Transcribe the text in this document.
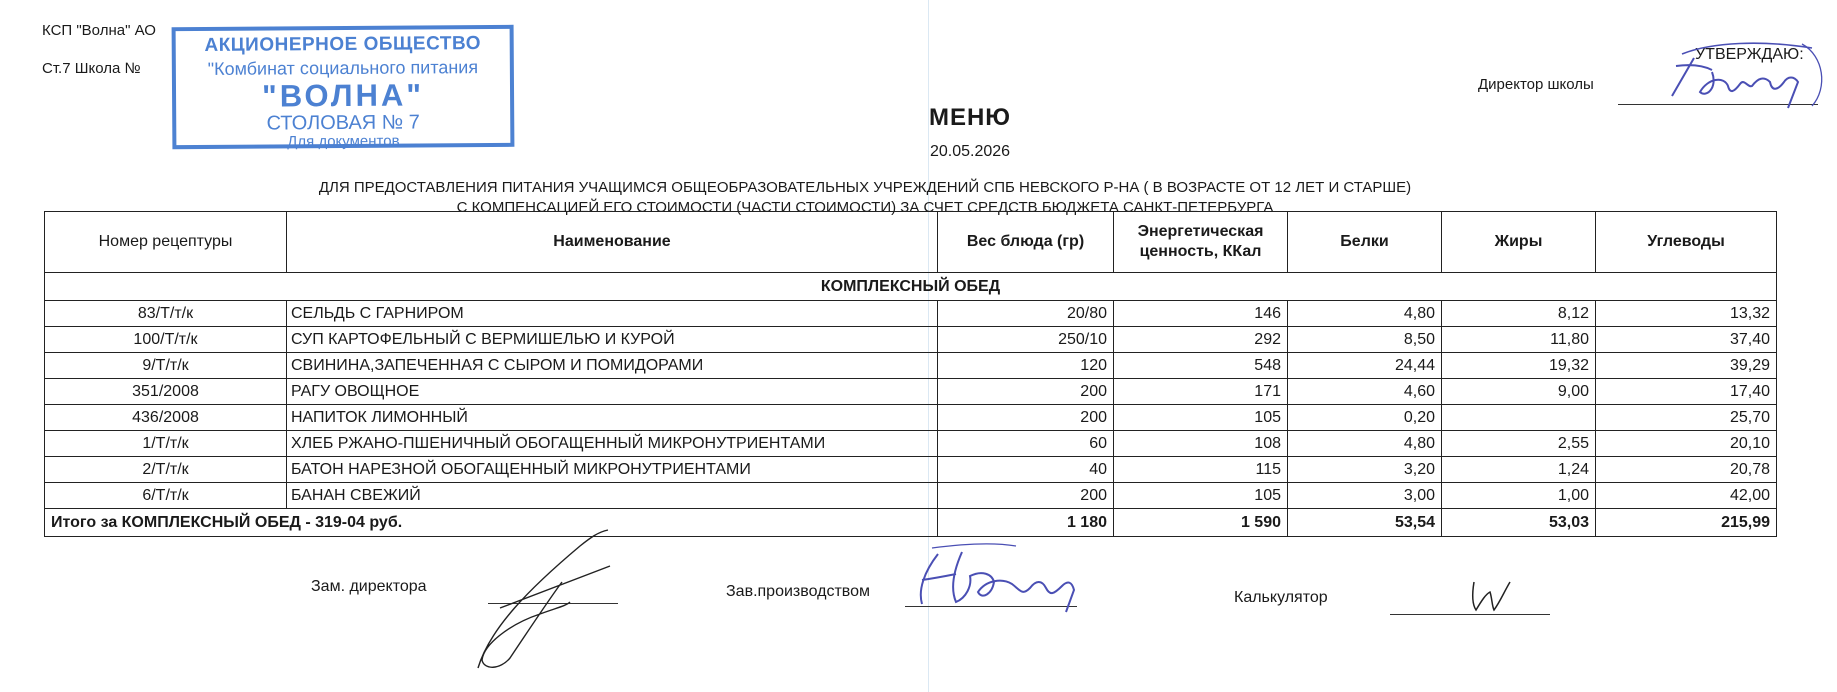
КСП "Волна" АО
Ст.7 Школа №
АКЦИОНЕРНОЕ ОБЩЕСТВО
"Комбинат социального питания
"ВОЛНА"
СТОЛОВАЯ № 7
Для документов
УТВЕРЖДАЮ:
Директор школы
МЕНЮ
20.05.2026
ДЛЯ ПРЕДОСТАВЛЕНИЯ ПИТАНИЯ УЧАЩИМСЯ ОБЩЕОБРАЗОВАТЕЛЬНЫХ УЧРЕЖДЕНИЙ СПБ НЕВСКОГО Р-НА ( В ВОЗРАСТЕ ОТ 12 ЛЕТ И СТАРШЕ)
С КОМПЕНСАЦИЕЙ ЕГО СТОИМОСТИ (ЧАСТИ СТОИМОСТИ) ЗА СЧЕТ СРЕДСТВ БЮДЖЕТА САНКТ-ПЕТЕРБУРГА
Номер рецептуры	Наименование	Вес блюда (гр)	Энергетическая ценность, ККал	Белки	Жиры	Углеводы
КОМПЛЕКСНЫЙ ОБЕД						
83/Т/т/к	СЕЛЬДЬ С ГАРНИРОМ	20/80	146	4,80	8,12	13,32
100/Т/т/к	СУП КАРТОФЕЛЬНЫЙ С ВЕРМИШЕЛЬЮ И КУРОЙ	250/10	292	8,50	11,80	37,40
9/Т/т/к	СВИНИНА,ЗАПЕЧЕННАЯ С СЫРОМ И ПОМИДОРАМИ	120	548	24,44	19,32	39,29
351/2008	РАГУ ОВОЩНОЕ	200	171	4,60	9,00	17,40
436/2008	НАПИТОК ЛИМОННЫЙ	200	105	0,20		25,70
1/Т/т/к	ХЛЕБ РЖАНО-ПШЕНИЧНЫЙ ОБОГАЩЕННЫЙ МИКРОНУТРИЕНТАМИ	60	108	4,80	2,55	20,10
2/Т/т/к	БАТОН НАРЕЗНОЙ ОБОГАЩЕННЫЙ МИКРОНУТРИЕНТАМИ	40	115	3,20	1,24	20,78
6/Т/т/к	БАНАН СВЕЖИЙ	200	105	3,00	1,00	42,00
Итого за КОМПЛЕКСНЫЙ ОБЕД - 319-04 руб.		1 180	1 590	53,54	53,03	215,99
Зам. директора	Зав.производством	Калькулятор
